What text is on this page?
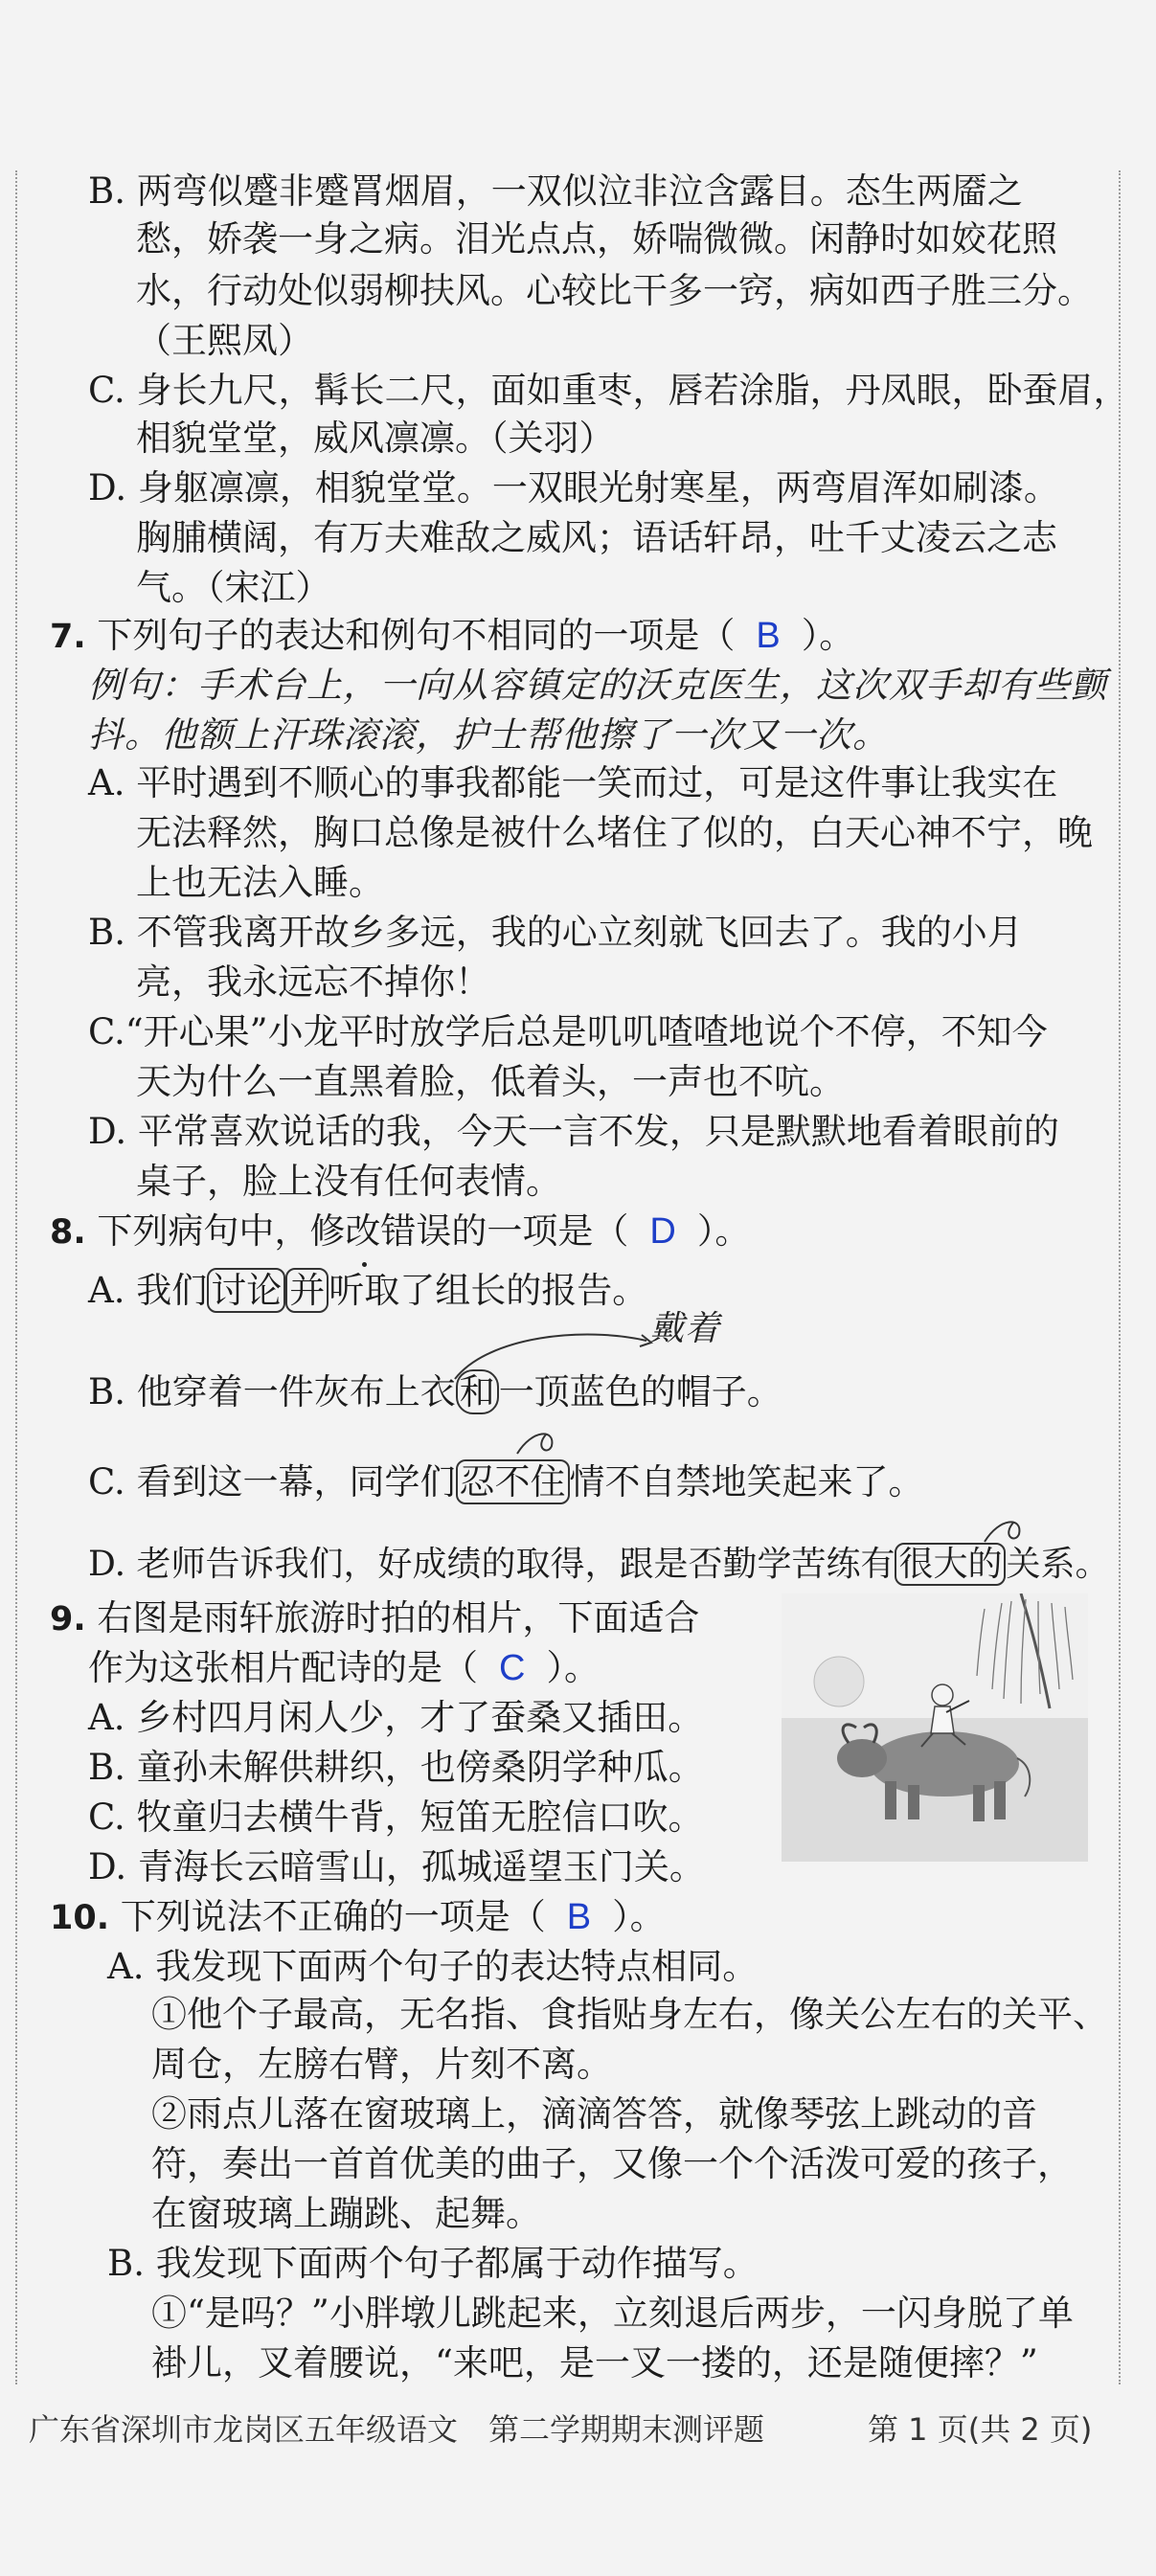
B. 两弯似蹙非蹙罥烟眉，一双似泣非泣含露目。态生两靥之
愁，娇袭一身之病。泪光点点，娇喘微微。闲静时如姣花照
水，行动处似弱柳扶风。心较比干多一窍，病如西子胜三分。
（王熙凤）
C. 身长九尺，髯长二尺，面如重枣，唇若涂脂，丹凤眼，卧蚕眉，
相貌堂堂，威风凛凛。（关羽）
D. 身躯凛凛，相貌堂堂。一双眼光射寒星，两弯眉浑如刷漆。
胸脯横阔，有万夫难敌之威风；语话轩昂，吐千丈凌云之志
气。（宋江）
7. 下列句子的表达和例句不相同的一项是（ B ）。
例句：手术台上，一向从容镇定的沃克医生，这次双手却有些颤
抖。他额上汗珠滚滚，护士帮他擦了一次又一次。
A. 平时遇到不顺心的事我都能一笑而过，可是这件事让我实在
无法释然，胸口总像是被什么堵住了似的，白天心神不宁，晚
上也无法入睡。
B. 不管我离开故乡多远，我的心立刻就飞回去了。我的小月
亮，我永远忘不掉你！
C.“开心果”小龙平时放学后总是叽叽喳喳地说个不停，不知今
天为什么一直黑着脸，低着头，一声也不吭。
D. 平常喜欢说话的我，今天一言不发，只是默默地看着眼前的
桌子，脸上没有任何表情。
8. 下列病句中，修改错误的一项是（ D ）。
A. 我们 讨论 并 听取了组长的报告。
戴着
B. 他穿着一件灰布上衣 和 一顶蓝色的帽子。
C. 看到这一幕，同学们 忍不住 情不自禁地笑起来了。
D. 老师告诉我们，好成绩的取得，跟是否勤学苦练有 很大的 关系。
9. 右图是雨轩旅游时拍的相片，下面适合
作为这张相片配诗的是（ C ）。
A. 乡村四月闲人少，才了蚕桑又插田。
B. 童孙未解供耕织，也傍桑阴学种瓜。
C. 牧童归去横牛背，短笛无腔信口吹。
D. 青海长云暗雪山，孤城遥望玉门关。
10. 下列说法不正确的一项是（ B ）。
A. 我发现下面两个句子的表达特点相同。
①他个子最高，无名指、食指贴身左右，像关公左右的关平、
周仓，左膀右臂，片刻不离。
②雨点儿落在窗玻璃上，滴滴答答，就像琴弦上跳动的音
符，奏出一首首优美的曲子，又像一个个活泼可爱的孩子，
在窗玻璃上蹦跳、起舞。
B. 我发现下面两个句子都属于动作描写。
①“是吗？”小胖墩儿跳起来，立刻退后两步，一闪身脱了单
褂儿，叉着腰说，“来吧，是一叉一搂的，还是随便摔？”
广东省深圳市龙岗区五年级语文　第二学期期末测评题	第 1 页(共 2 页)
